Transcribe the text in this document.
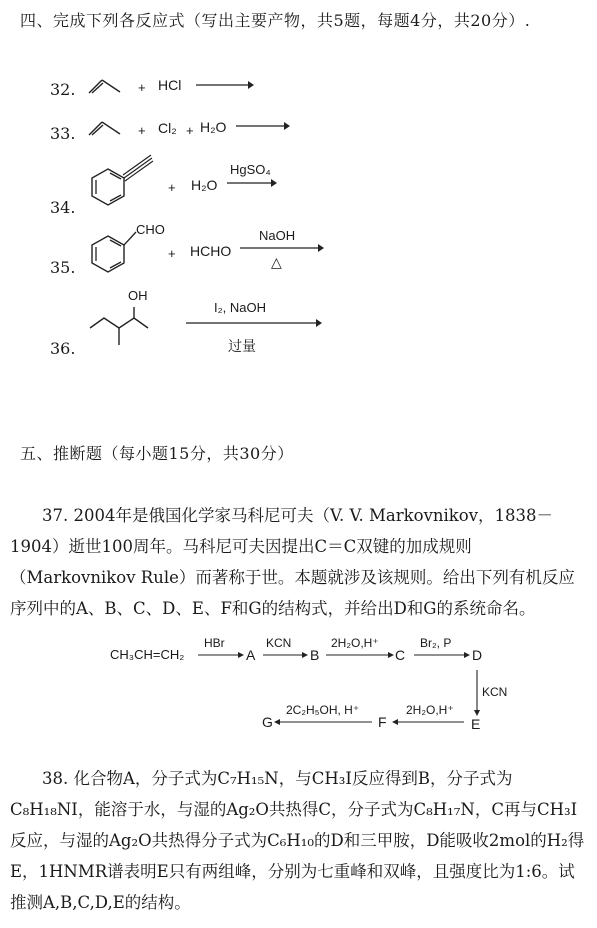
四、完成下列各反应式（写出主要产物，共5题，每题4分，共20分）.
32.	+ HCl →
33.	+ Cl₂ + H₂O →
34.
+ H₂O
HgSO₄
35.
CHO
+ HCHO
NaOH
△
36.
OH
I₂, NaOH
过量
五、推断题（每小题15分，共30分）
37. 2004年是俄国化学家马科尼可夫（V. V. Markovnikov，1838－1904）逝世100周年。马科尼可夫因提出C＝C双键的加成规则（Markovnikov Rule）而著称于世。本题就涉及该规则。给出下列有机反应序列中的A、B、C、D、E、F和G的结构式，并给出D和G的系统命名。
CH₃CH=CH₂
HBr
A
KCN
B
2H₂O,H⁺
C
Br₂, P
D
KCN
E
2H₂O,H⁺
F
2C₂H₅OH, H⁺
G
38. 化合物A，分子式为C₇H₁₅N，与CH₃I反应得到B，分子式为C₈H₁₈NI，能溶于水，与湿的Ag₂O共热得C，分子式为C₈H₁₇N，C再与CH₃I反应，与湿的Ag₂O共热得分子式为C₆H₁₀的D和三甲胺，D能吸收2mol的H₂得E，1HNMR谱表明E只有两组峰，分别为七重峰和双峰，且强度比为1:6。试推测A,B,C,D,E的结构。
